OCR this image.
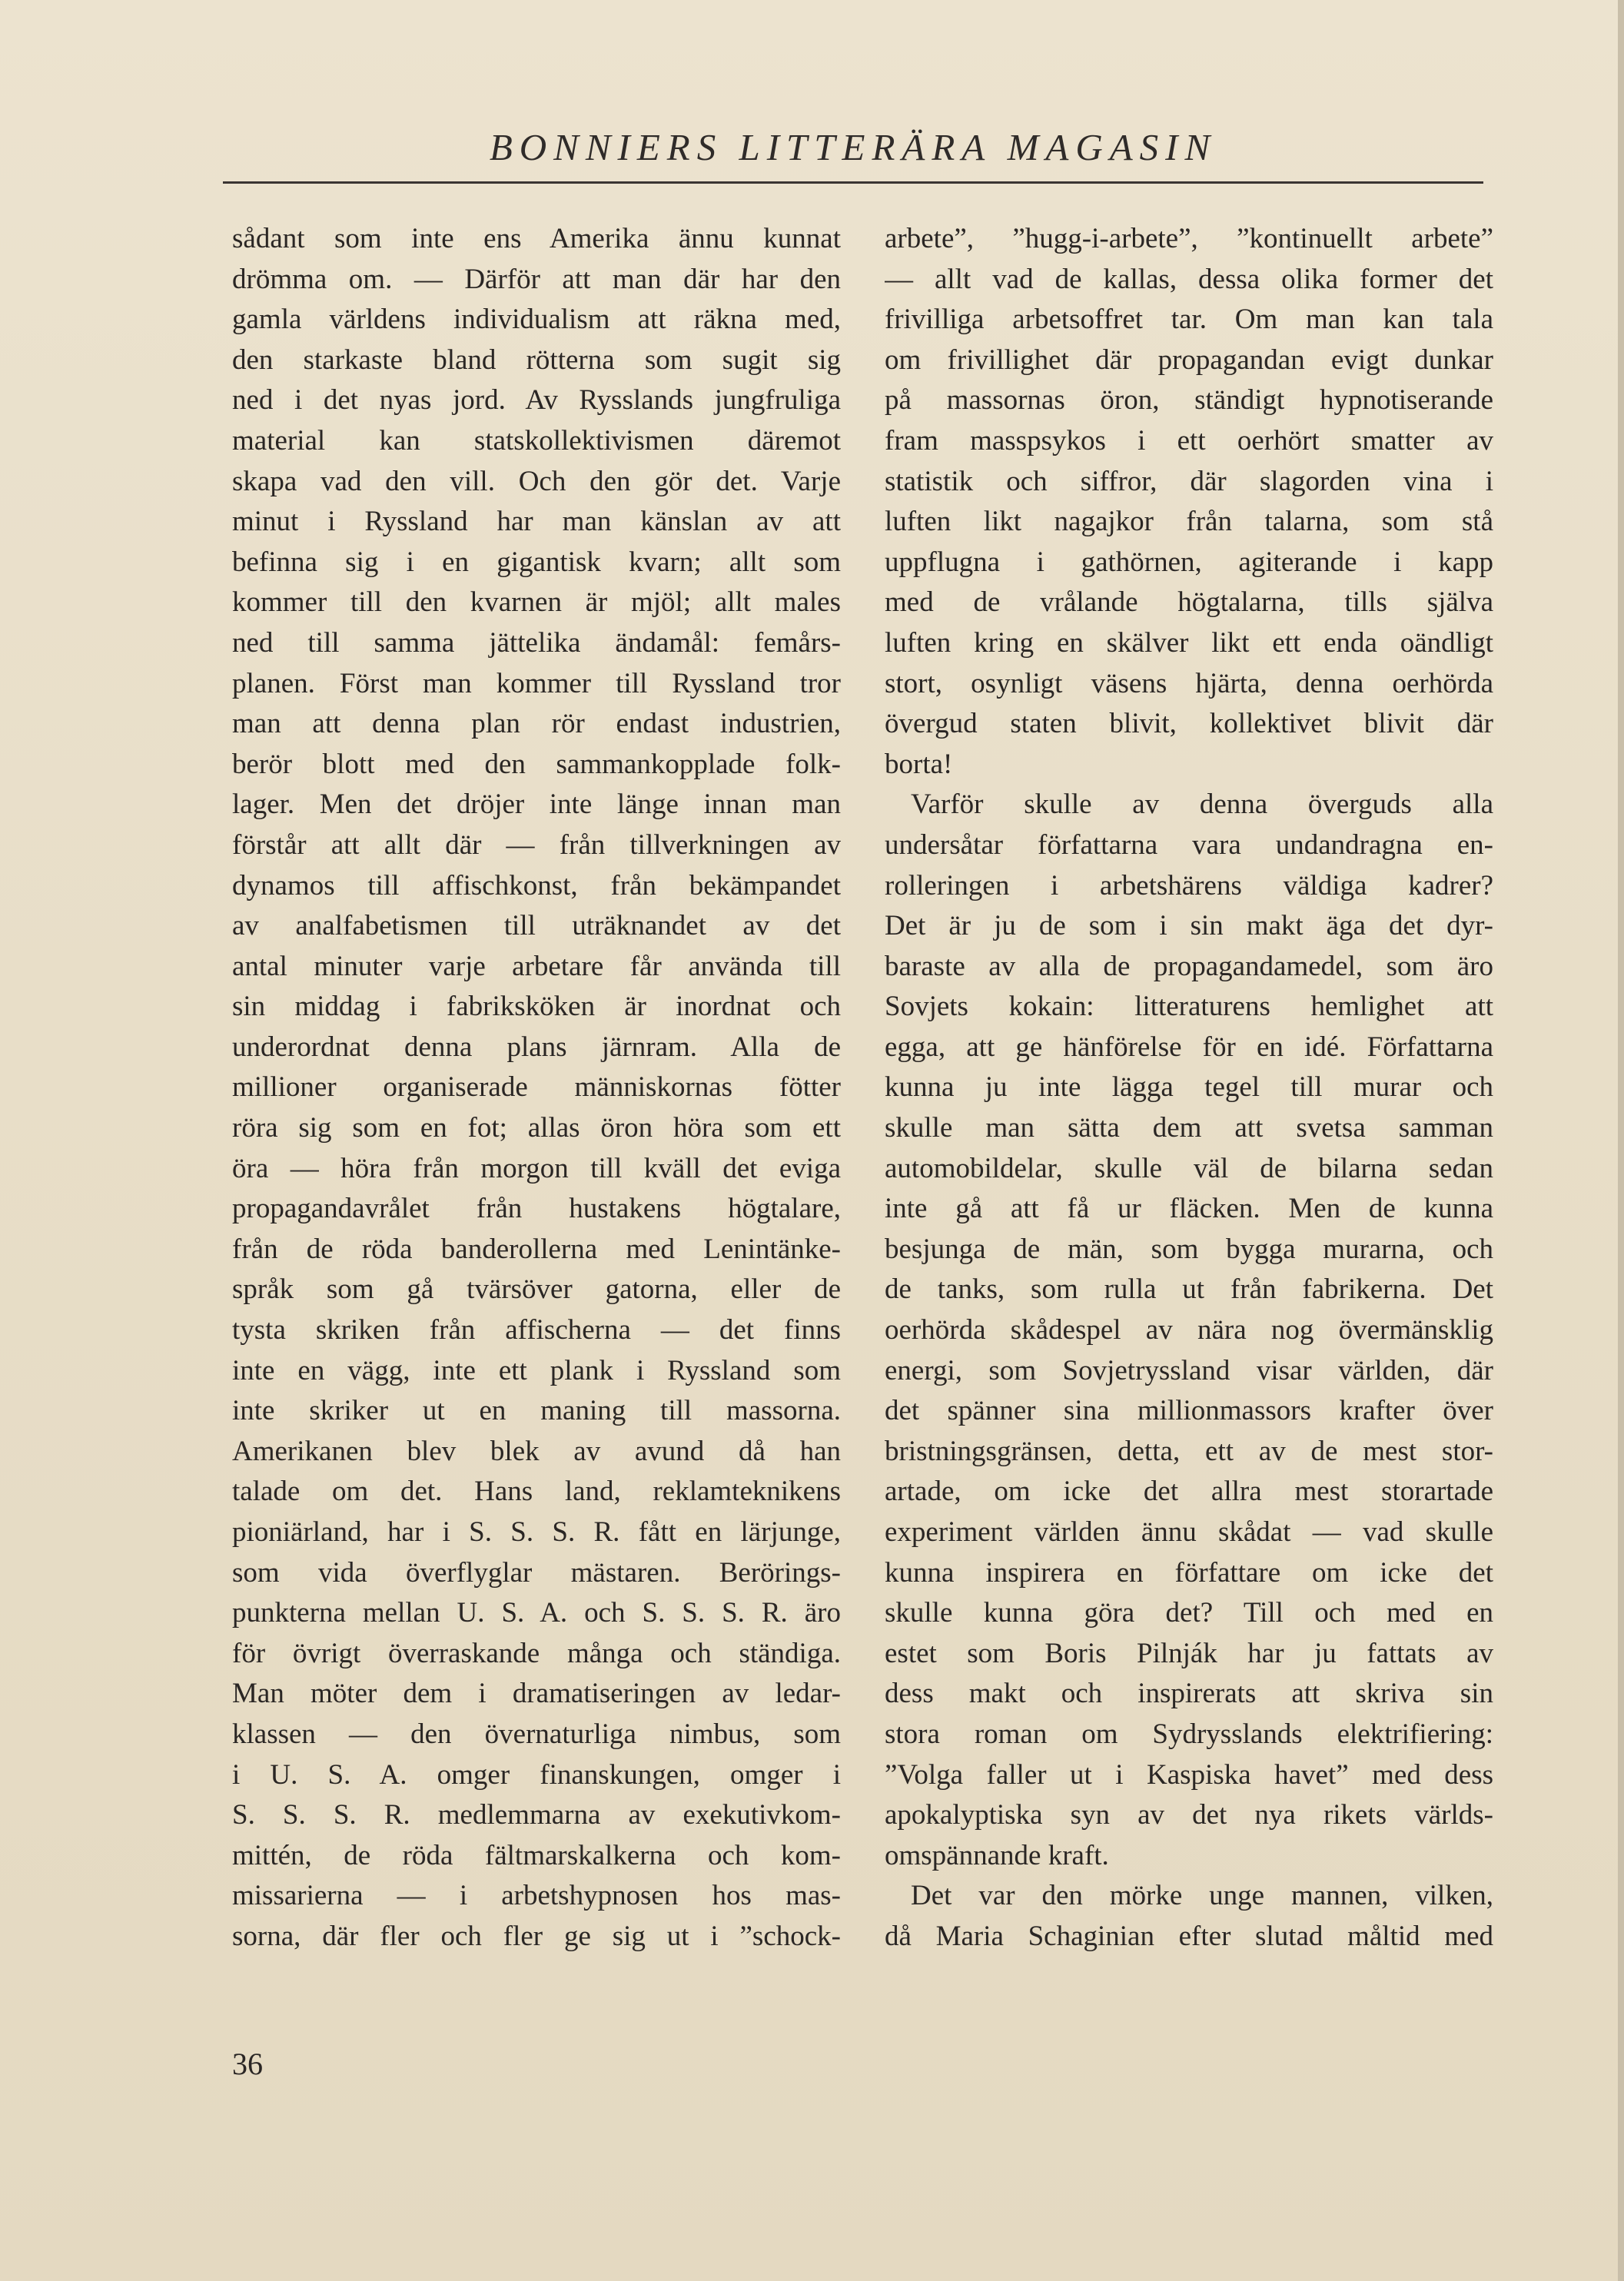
BONNIERS LITTERÄRA MAGASIN
sådant som inte ens Amerika ännu kunnat
drömma om. — Därför att man där har den
gamla världens individualism att räkna med,
den starkaste bland rötterna som sugit sig
ned i det nyas jord. Av Rysslands jungfruliga
material kan statskollektivismen däremot
skapa vad den vill. Och den gör det. Varje
minut i Ryssland har man känslan av att
befinna sig i en gigantisk kvarn; allt som
kommer till den kvarnen är mjöl; allt males
ned till samma jättelika ändamål: femårs-
planen. Först man kommer till Ryssland tror
man att denna plan rör endast industrien,
berör blott med den sammankopplade folk-
lager. Men det dröjer inte länge innan man
förstår att allt där — från tillverkningen av
dynamos till affischkonst, från bekämpandet
av analfabetismen till uträknandet av det
antal minuter varje arbetare får använda till
sin middag i fabriksköken är inordnat och
underordnat denna plans järnram. Alla de
millioner organiserade människornas fötter
röra sig som en fot; allas öron höra som ett
öra — höra från morgon till kväll det eviga
propagandavrålet från hustakens högtalare,
från de röda banderollerna med Lenintänke-
språk som gå tvärsöver gatorna, eller de
tysta skriken från affischerna — det finns
inte en vägg, inte ett plank i Ryssland som
inte skriker ut en maning till massorna.
Amerikanen blev blek av avund då han
talade om det. Hans land, reklamteknikens
pioniärland, har i S. S. S. R. fått en lärjunge,
som vida överflyglar mästaren. Berörings-
punkterna mellan U. S. A. och S. S. S. R. äro
för övrigt överraskande många och ständiga.
Man möter dem i dramatiseringen av ledar-
klassen — den övernaturliga nimbus, som
i U. S. A. omger finanskungen, omger i
S. S. S. R. medlemmarna av exekutivkom-
mittén, de röda fältmarskalkerna och kom-
missarierna — i arbetshypnosen hos mas-
sorna, där fler och fler ge sig ut i ”schock-
arbete”, ”hugg-i-arbete”, ”kontinuellt arbete”
— allt vad de kallas, dessa olika former det
frivilliga arbetsoffret tar. Om man kan tala
om frivillighet där propagandan evigt dunkar
på massornas öron, ständigt hypnotiserande
fram masspsykos i ett oerhört smatter av
statistik och siffror, där slagorden vina i
luften likt nagajkor från talarna, som stå
uppflugna i gathörnen, agiterande i kapp
med de vrålande högtalarna, tills själva
luften kring en skälver likt ett enda oändligt
stort, osynligt väsens hjärta, denna oerhörda
övergud staten blivit, kollektivet blivit där
borta!
Varför skulle av denna överguds alla
undersåtar författarna vara undandragna en-
rolleringen i arbetshärens väldiga kadrer?
Det är ju de som i sin makt äga det dyr-
baraste av alla de propagandamedel, som äro
Sovjets kokain: litteraturens hemlighet att
egga, att ge hänförelse för en idé. Författarna
kunna ju inte lägga tegel till murar och
skulle man sätta dem att svetsa samman
automobildelar, skulle väl de bilarna sedan
inte gå att få ur fläcken. Men de kunna
besjunga de män, som bygga murarna, och
de tanks, som rulla ut från fabrikerna. Det
oerhörda skådespel av nära nog övermänsklig
energi, som Sovjetryssland visar världen, där
det spänner sina millionmassors krafter över
bristningsgränsen, detta, ett av de mest stor-
artade, om icke det allra mest storartade
experiment världen ännu skådat — vad skulle
kunna inspirera en författare om icke det
skulle kunna göra det? Till och med en
estet som Boris Pilnják har ju fattats av
dess makt och inspirerats att skriva sin
stora roman om Sydrysslands elektrifiering:
”Volga faller ut i Kaspiska havet” med dess
apokalyptiska syn av det nya rikets världs-
omspännande kraft.
Det var den mörke unge mannen, vilken,
då Maria Schaginian efter slutad måltid med
36
